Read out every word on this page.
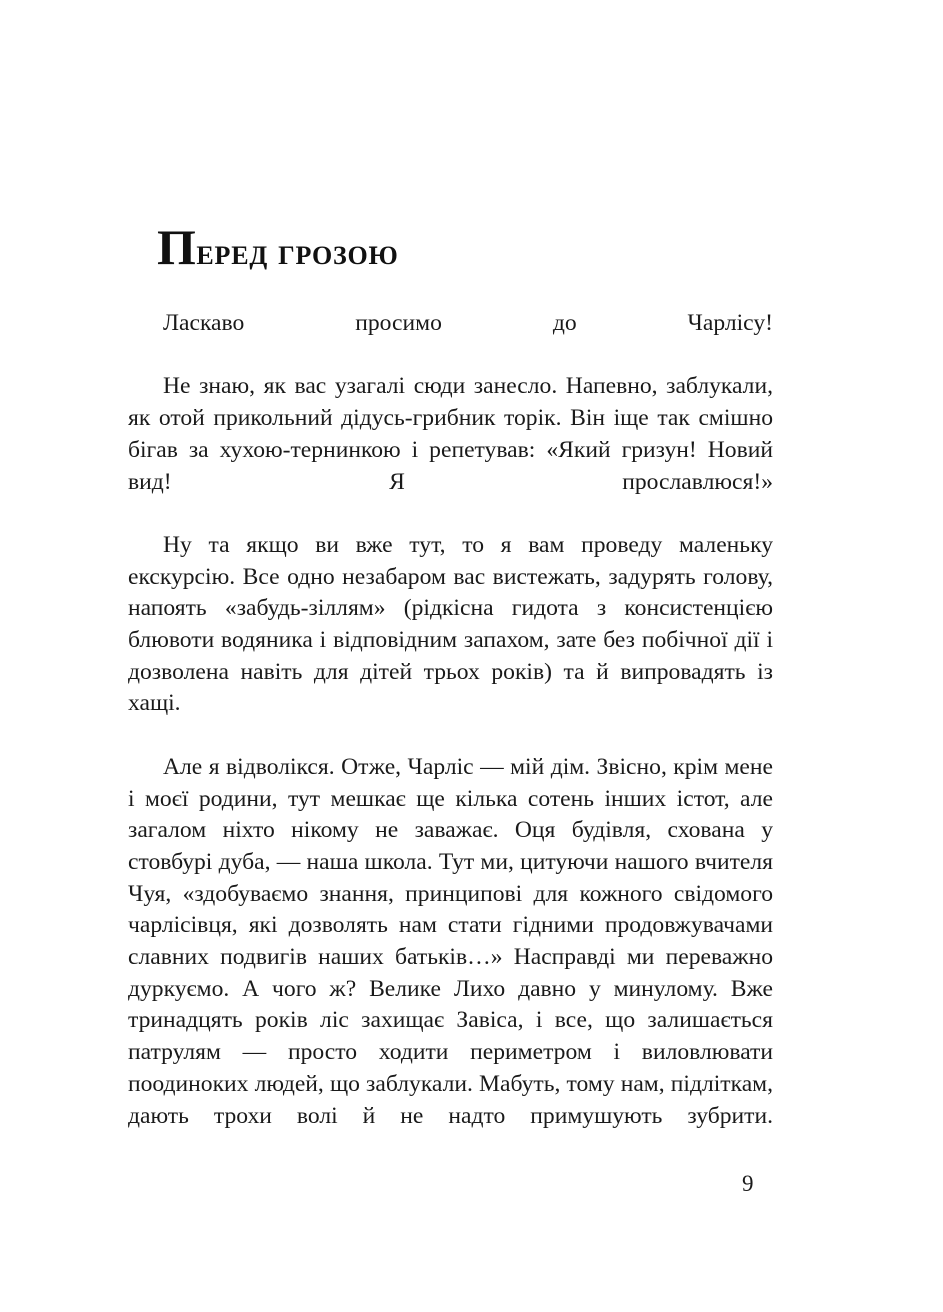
Перед грозою

Ласкаво просимо до Чарлісу!

Не знаю, як вас узагалі сюди занесло. Напевно, заблукали, як отой прикольний дідусь-грибник торік. Він іще так смішно бігав за хухою-тернинкою і репетував: «Який гризун! Новий вид! Я прославлюся!»

Ну та якщо ви вже тут, то я вам проведу маленьку екскурсію. Все одно незабаром вас вистежать, задурять голову, напоять «забудь-зіллям» (рідкісна гидота з консистенцією блювоти водяника і відповідним запахом, зате без побічної дії і дозволена навіть для дітей трьох років) та й випровадять із хащі.

Але я відволікся. Отже, Чарліс — мій дім. Звісно, крім мене і моєї родини, тут мешкає ще кілька сотень інших істот, але загалом ніхто нікому не заважає. Оця будівля, схована у стовбурі дуба, — наша школа. Тут ми, цитуючи нашого вчителя Чуя, «здобуваємо знання, принципові для кожного свідомого чарлісівця, які дозволять нам стати гідними продовжувачами славних подвигів наших батьків…» Насправді ми переважно дуркуємо. А чого ж? Велике Лихо давно у минулому. Вже тринадцять років ліс захищає Завіса, і все, що залишається патрулям — просто ходити периметром і виловлювати поодиноких людей, що заблукали. Мабуть, тому нам, підліткам, дають трохи волі й не надто примушують зубрити.

9
